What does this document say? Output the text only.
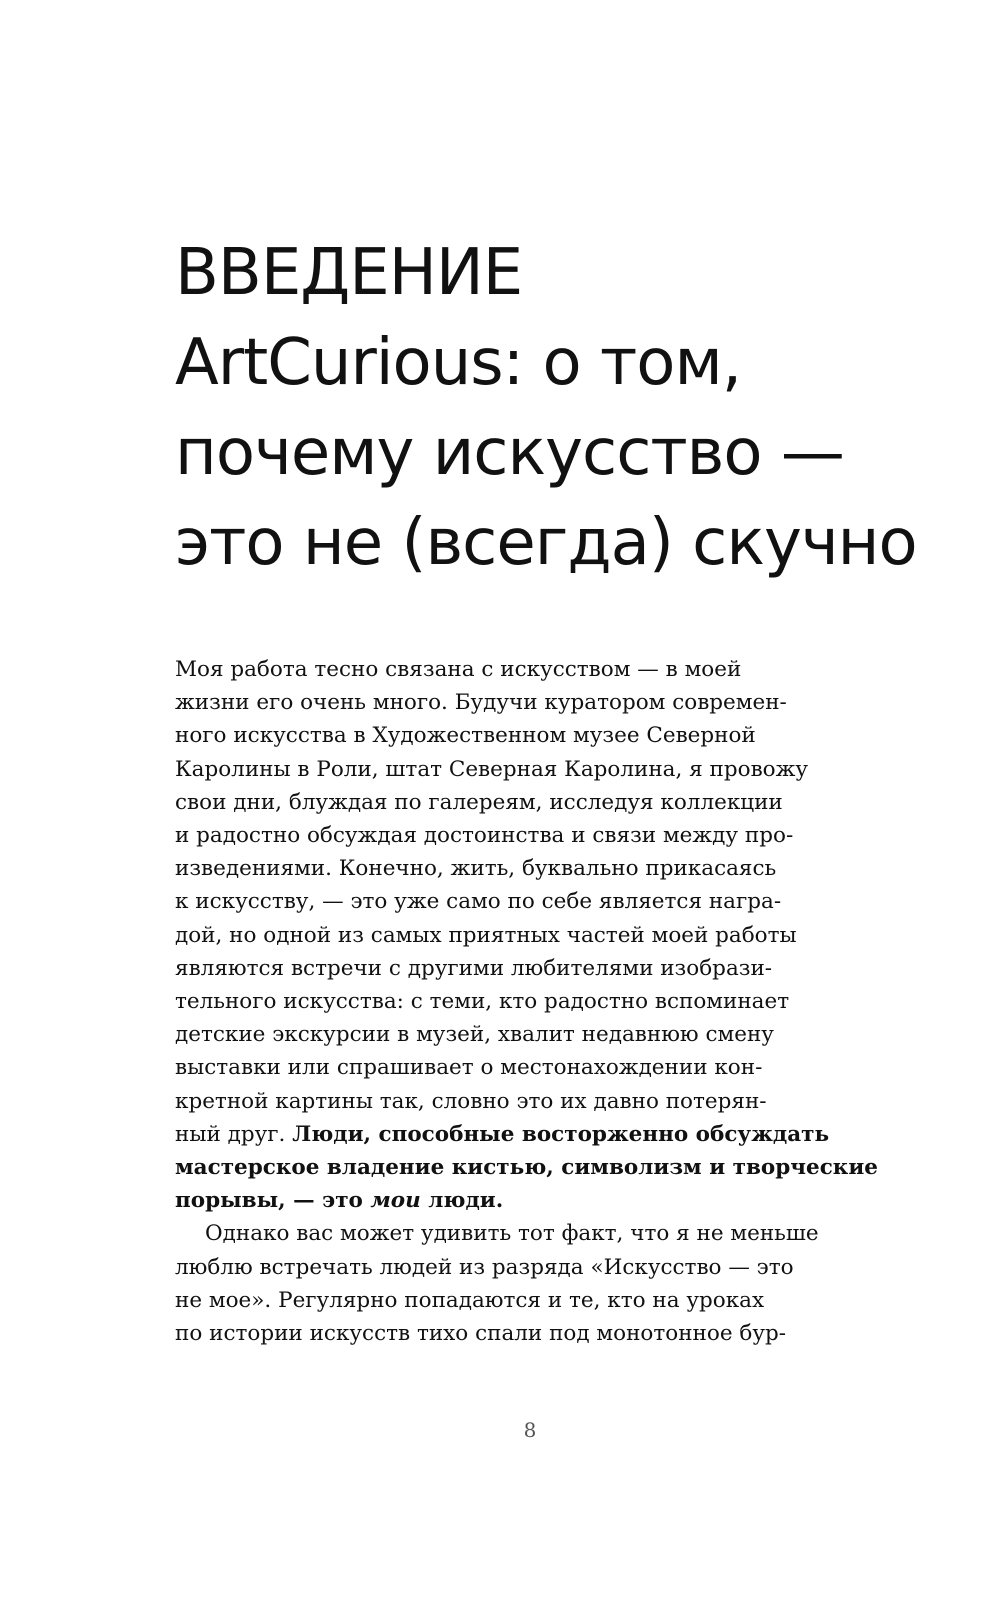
ВВЕДЕНИЕ
ArtCurious: о том,
почему искусство —
это не (всегда) скучно
Моя работа тесно связана с искусством — в моей
жизни его очень много. Будучи куратором современ-
ного искусства в Художественном музее Северной
Каролины в Роли, штат Северная Каролина, я провожу
свои дни, блуждая по галереям, исследуя коллекции
и радостно обсуждая достоинства и связи между про-
изведениями. Конечно, жить, буквально прикасаясь
к искусству, — это уже само по себе является награ-
дой, но одной из самых приятных частей моей работы
являются встречи с другими любителями изобрази-
тельного искусства: с теми, кто радостно вспоминает
детские экскурсии в музей, хвалит недавнюю смену
выставки или спрашивает о местонахождении кон-
кретной картины так, словно это их давно потерян-
ный друг. Люди, способные восторженно обсуждать
мастерское владение кистью, символизм и творческие
порывы, — это мои люди.
Однако вас может удивить тот факт, что я не меньше
люблю встречать людей из разряда «Искусство — это
не мое». Регулярно попадаются и те, кто на уроках
по истории искусств тихо спали под монотонное бур-
8
